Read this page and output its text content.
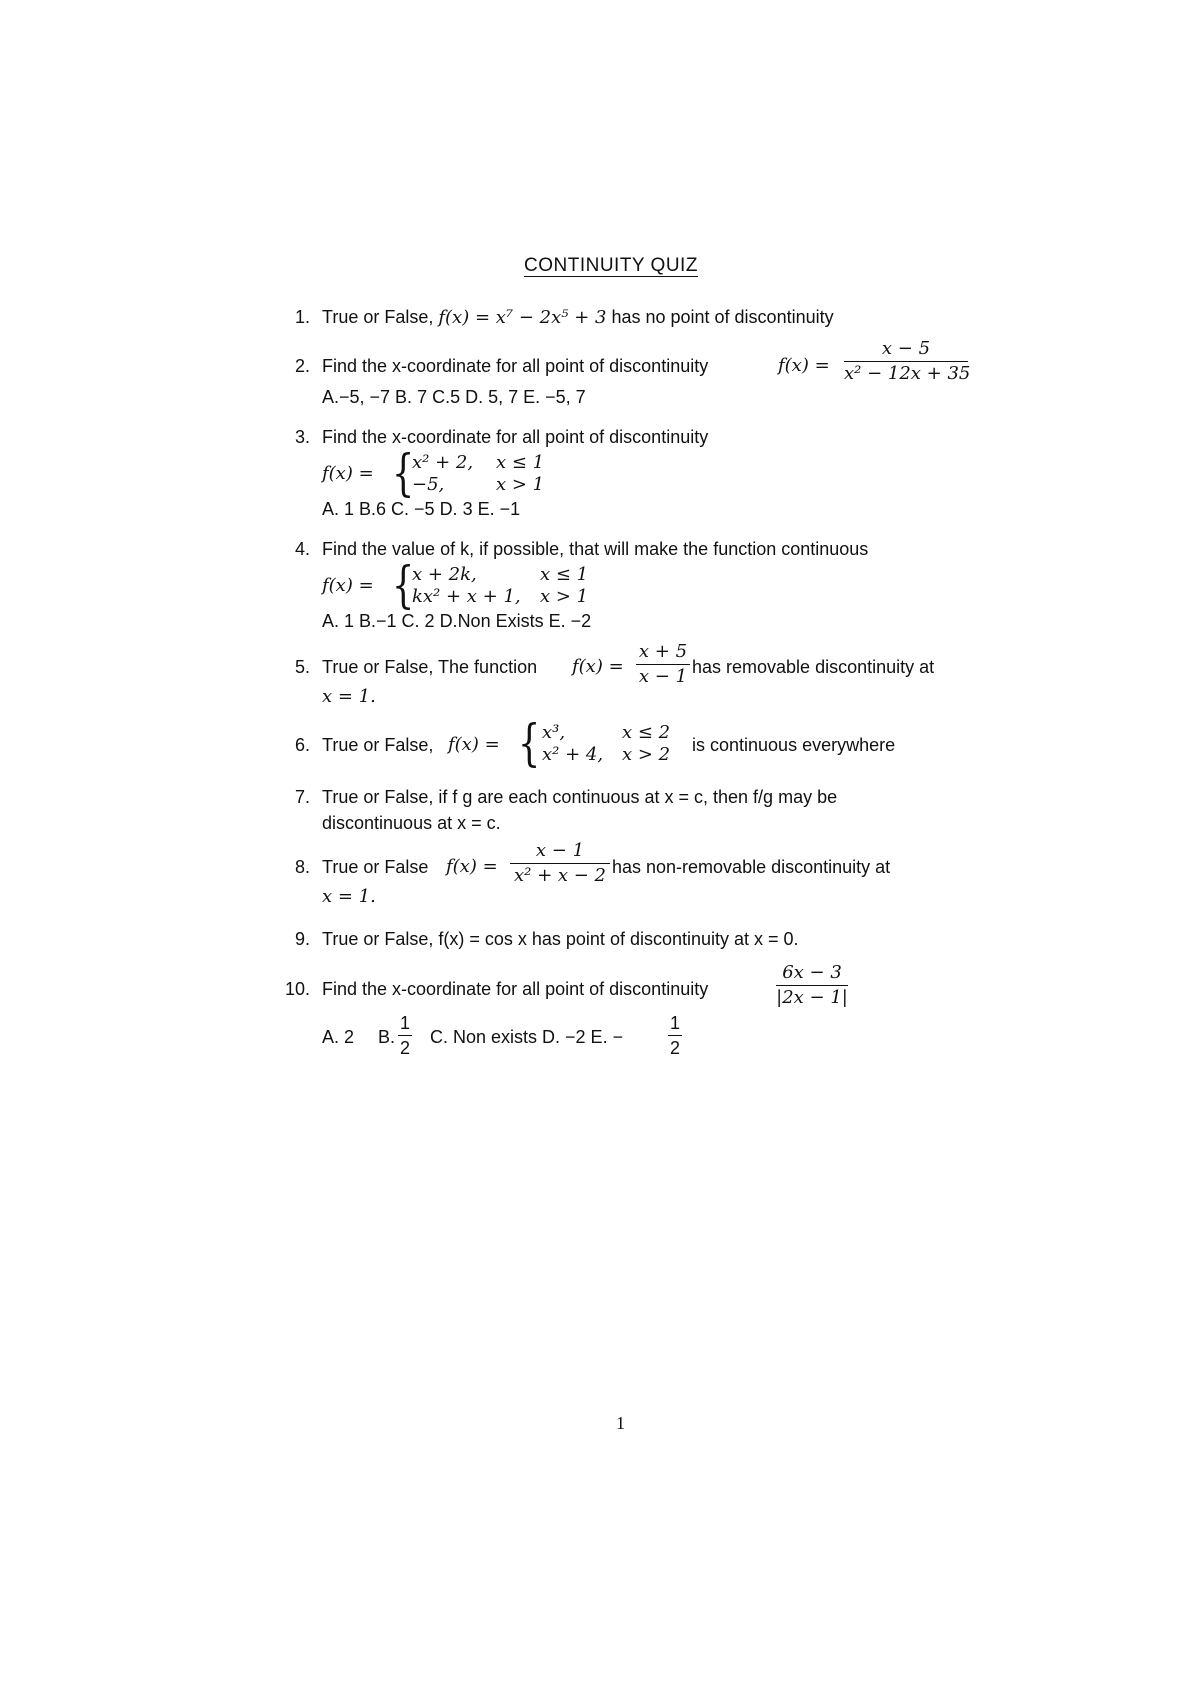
CONTINUITY QUIZ
1. True or False, f(x) = x⁷ − 2x⁵ + 3 has no point of discontinuity
2. Find the x-coordinate for all point of discontinuity	f(x) =
x − 5
x² − 12x + 35
A.−5, −7 B. 7 C.5 D. 5, 7 E. −5, 7
3. Find the x-coordinate for all point of discontinuity
f(x) = {
x² + 2, x ≤ 1
−5,	x > 1
A. 1 B.6 C. −5 D. 3 E. −1
4. Find the value of k, if possible, that will make the function continuous
f(x) = {
x + 2k,	x ≤ 1
kx² + x + 1, x > 1
A. 1 B.−1 C. 2 D.Non Exists E. −2
5. True or False, The function f(x) =
x + 5
x − 1 has removable discontinuity at
x = 1.
6. True or False, f(x) = { x³,	x ≤ 2
x² + 4, x > 2 is continuous everywhere
7. True or False, if f g are each continuous at x = c, then f/g may be
discontinuous at x = c.
8. True or False f(x) =
x − 1
x² + x − 2 has non-removable discontinuity at
x = 1.
9. True or False, f(x) = cos x has point of discontinuity at x = 0.
10. Find the x-coordinate for all point of discontinuity
6x − 3
|2x − 1|
A. 2 B.
1
2
C. Non exists D. −2 E. −
1
2
1
